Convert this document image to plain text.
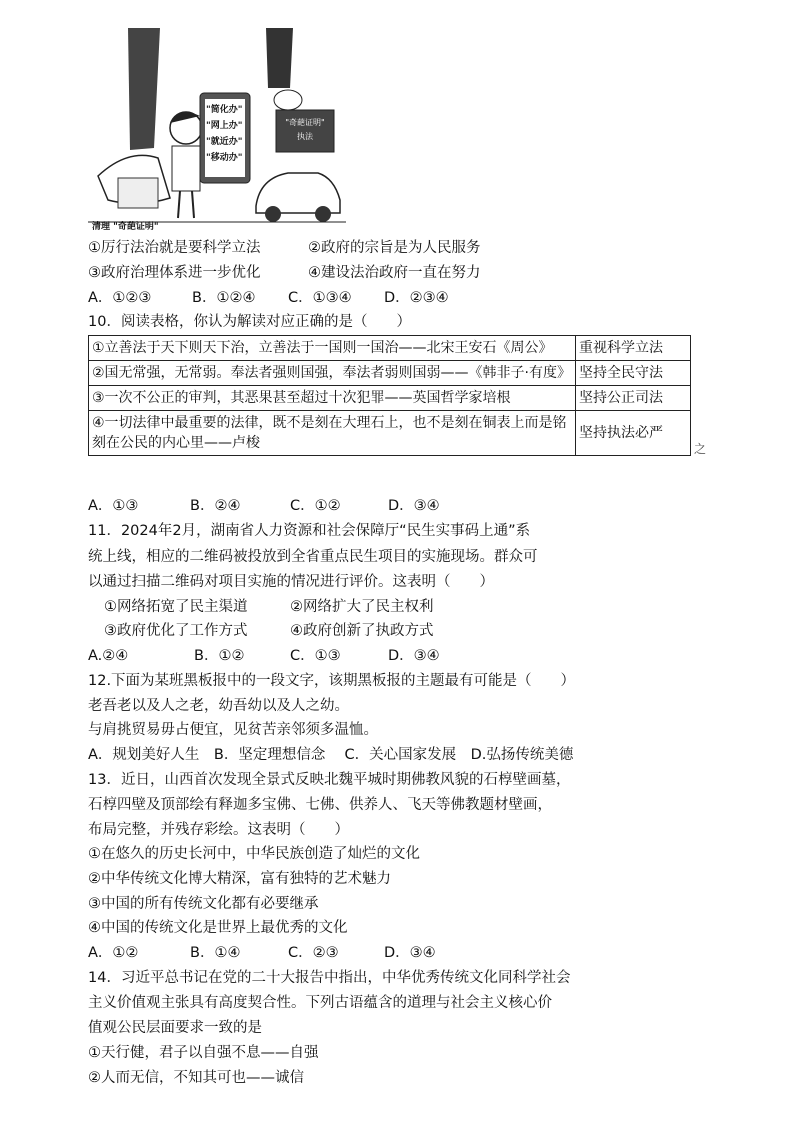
"简化办"
"网上办"
"就近办"
"移动办"
"奇葩证明"
执法
清理 "奇葩证明"
①厉行法治就是要科学立法	②政府的宗旨是为人民服务
③政府治理体系进一步优化	④建设法治政府一直在努力
A．①②③	B．①②④ C．①③④ D．②③④
10．阅读表格，你认为解读对应正确的是（　　）
①立善法于天下则天下治，立善法于一国则一国治——北宋王安石《周公》	重视科学立法
②国无常强，无常弱。奉法者强则国强，奉法者弱则国弱——《韩非子·有度》	坚持全民守法
③一次不公正的审判，其恶果甚至超过十次犯罪——英国哲学家培根	坚持公正司法
④一切法律中最重要的法律，既不是刻在大理石上，也不是刻在铜表上而是铭刻在公民的内心里——卢梭	坚持执法必严
之
A．①③	B．②④	C．①②	D．③④
11．2024年2月，湖南省人力资源和社会保障厅“民生实事码上通”系
统上线，相应的二维码被投放到全省重点民生项目的实施现场。群众可
以通过扫描二维码对项目实施的情况进行评价。这表明（　　）
①网络拓宽了民主渠道	②网络扩大了民主权利
③政府优化了工作方式	④政府创新了执政方式
A.②④	B．①②	C．①③	D．③④
12.下面为某班黑板报中的一段文字，该期黑板报的主题最有可能是（　　）
老吾老以及人之老，幼吾幼以及人之幼。
与肩挑贸易毋占便宜，见贫苦亲邻须多温恤。
A．规划美好人生　B．坚定理想信念　 C．关心国家发展　D.弘扬传统美德
13．近日，山西首次发现全景式反映北魏平城时期佛教风貌的石椁壁画墓，
石椁四壁及顶部绘有释迦多宝佛、七佛、供养人、飞天等佛教题材壁画，
布局完整，并残存彩绘。这表明（　　）
①在悠久的历史长河中，中华民族创造了灿烂的文化
②中华传统文化博大精深，富有独特的艺术魅力
③中国的所有传统文化都有必要继承
④中国的传统文化是世界上最优秀的文化
A．①②	B．①④	C．②③	D．③④
14．习近平总书记在党的二十大报告中指出，中华优秀传统文化同科学社会
主义价值观主张具有高度契合性。下列古语蕴含的道理与社会主义核心价
值观公民层面要求一致的是
①天行健，君子以自强不息——自强
②人而无信，不知其可也——诚信
